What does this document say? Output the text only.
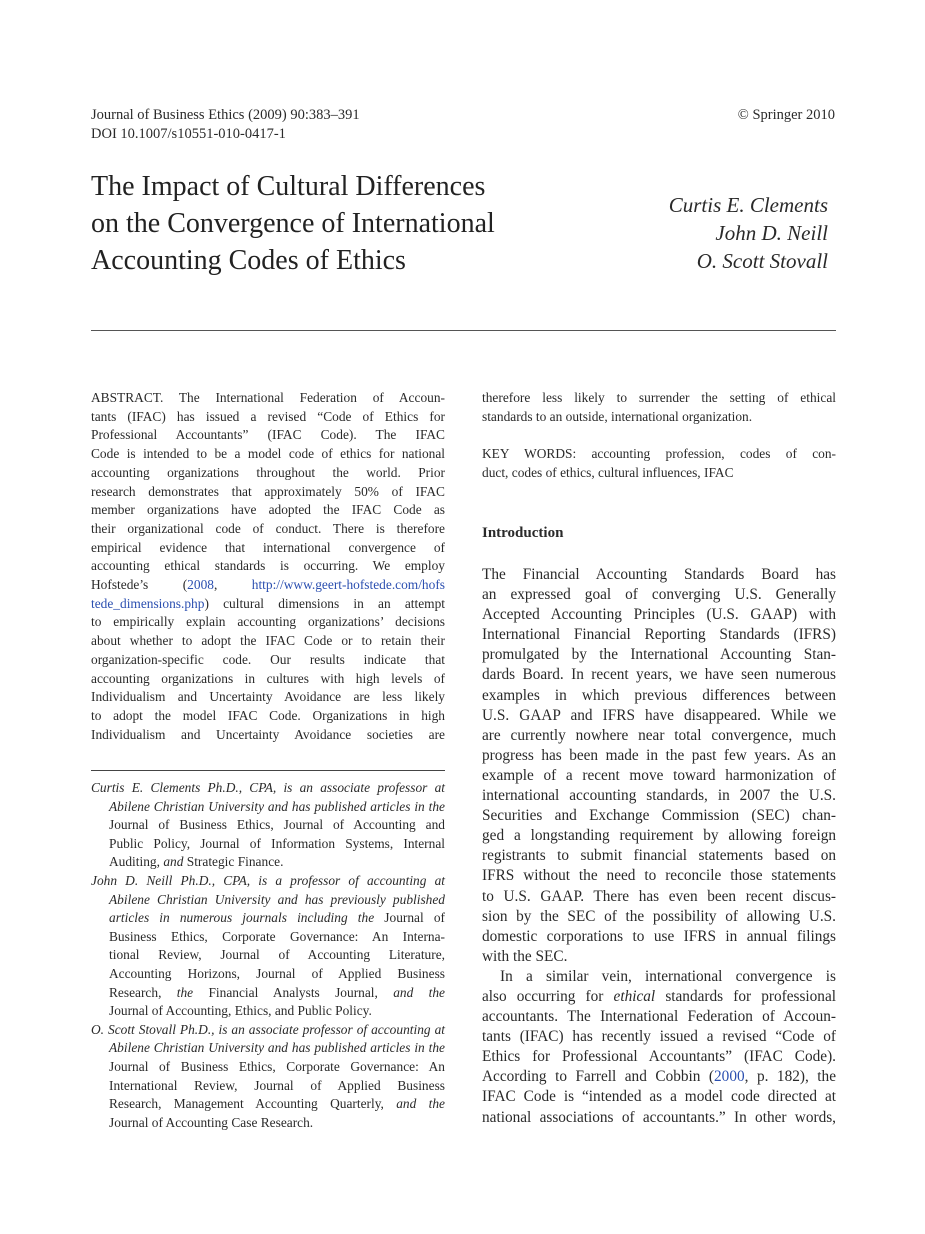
Journal of Business Ethics (2009) 90:383–391
DOI 10.1007/s10551-010-0417-1
© Springer 2010
The Impact of Cultural Differences
on the Convergence of International
Accounting Codes of Ethics
Curtis E. Clements
John D. Neill
O. Scott Stovall
ABSTRACT. The International Federation of Accoun-
tants (IFAC) has issued a revised “Code of Ethics for
Professional Accountants” (IFAC Code). The IFAC
Code is intended to be a model code of ethics for national
accounting organizations throughout the world. Prior
research demonstrates that approximately 50% of IFAC
member organizations have adopted the IFAC Code as
their organizational code of conduct. There is therefore
empirical evidence that international convergence of
accounting ethical standards is occurring. We employ
Hofstede’s (2008, http://www.geert-hofstede.com/hofs
tede_dimensions.php) cultural dimensions in an attempt
to empirically explain accounting organizations’ decisions
about whether to adopt the IFAC Code or to retain their
organization-specific code. Our results indicate that
accounting organizations in cultures with high levels of
Individualism and Uncertainty Avoidance are less likely
to adopt the model IFAC Code. Organizations in high
Individualism and Uncertainty Avoidance societies are
Curtis E. Clements Ph.D., CPA, is an associate professor at
Abilene Christian University and has published articles in the
Journal of Business Ethics, Journal of Accounting and
Public Policy, Journal of Information Systems, Internal
Auditing, and Strategic Finance.
John D. Neill Ph.D., CPA, is a professor of accounting at
Abilene Christian University and has previously published
articles in numerous journals including the Journal of
Business Ethics, Corporate Governance: An Interna-
tional Review, Journal of Accounting Literature,
Accounting Horizons, Journal of Applied Business
Research, the Financial Analysts Journal, and the
Journal of Accounting, Ethics, and Public Policy.
O. Scott Stovall Ph.D., is an associate professor of accounting at
Abilene Christian University and has published articles in the
Journal of Business Ethics, Corporate Governance: An
International Review, Journal of Applied Business
Research, Management Accounting Quarterly, and the
Journal of Accounting Case Research.
therefore less likely to surrender the setting of ethical
standards to an outside, international organization.
KEY WORDS: accounting profession, codes of con-
duct, codes of ethics, cultural influences, IFAC
Introduction
The Financial Accounting Standards Board has
an expressed goal of converging U.S. Generally
Accepted Accounting Principles (U.S. GAAP) with
International Financial Reporting Standards (IFRS)
promulgated by the International Accounting Stan-
dards Board. In recent years, we have seen numerous
examples in which previous differences between
U.S. GAAP and IFRS have disappeared. While we
are currently nowhere near total convergence, much
progress has been made in the past few years. As an
example of a recent move toward harmonization of
international accounting standards, in 2007 the U.S.
Securities and Exchange Commission (SEC) chan-
ged a longstanding requirement by allowing foreign
registrants to submit financial statements based on
IFRS without the need to reconcile those statements
to U.S. GAAP. There has even been recent discus-
sion by the SEC of the possibility of allowing U.S.
domestic corporations to use IFRS in annual filings
with the SEC.
In a similar vein, international convergence is
also occurring for ethical standards for professional
accountants. The International Federation of Accoun-
tants (IFAC) has recently issued a revised “Code of
Ethics for Professional Accountants” (IFAC Code).
According to Farrell and Cobbin (2000, p. 182), the
IFAC Code is “intended as a model code directed at
national associations of accountants.” In other words,
